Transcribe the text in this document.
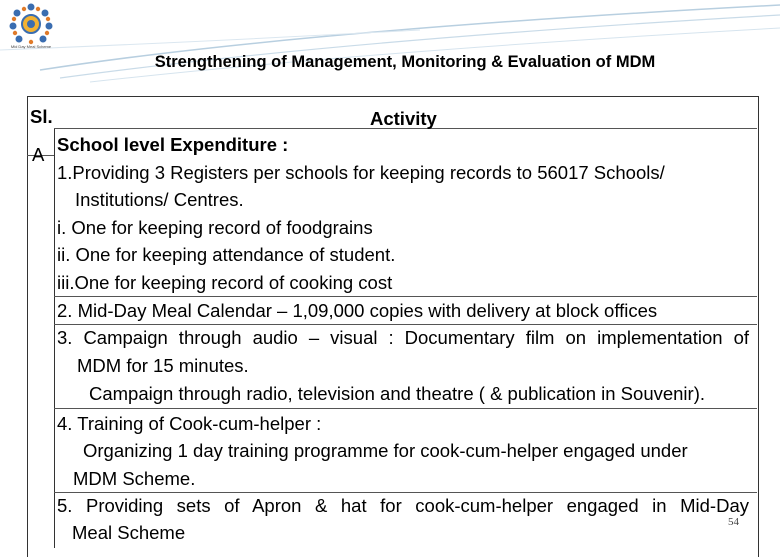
Mid Day Meal Scheme
Strengthening of Management, Monitoring & Evaluation of MDM
Sl.	Activity
A School level Expenditure :
1.Providing 3 Registers per schools for keeping records to 56017 Schools/
Institutions/ Centres.
i. One for keeping record of foodgrains
ii. One for keeping attendance of student.
iii.One for keeping record of cooking cost
2. Mid-Day Meal Calendar – 1,09,000 copies with delivery at block offices
3. Campaign through audio – visual : Documentary film on implementation of
MDM for 15 minutes.
Campaign through radio, television and theatre ( & publication in Souvenir).
4. Training of Cook-cum-helper :
Organizing 1 day training programme for cook-cum-helper engaged under
MDM Scheme.
5. Providing sets of Apron & hat for cook-cum-helper engaged in Mid-Day
Meal Scheme	54
